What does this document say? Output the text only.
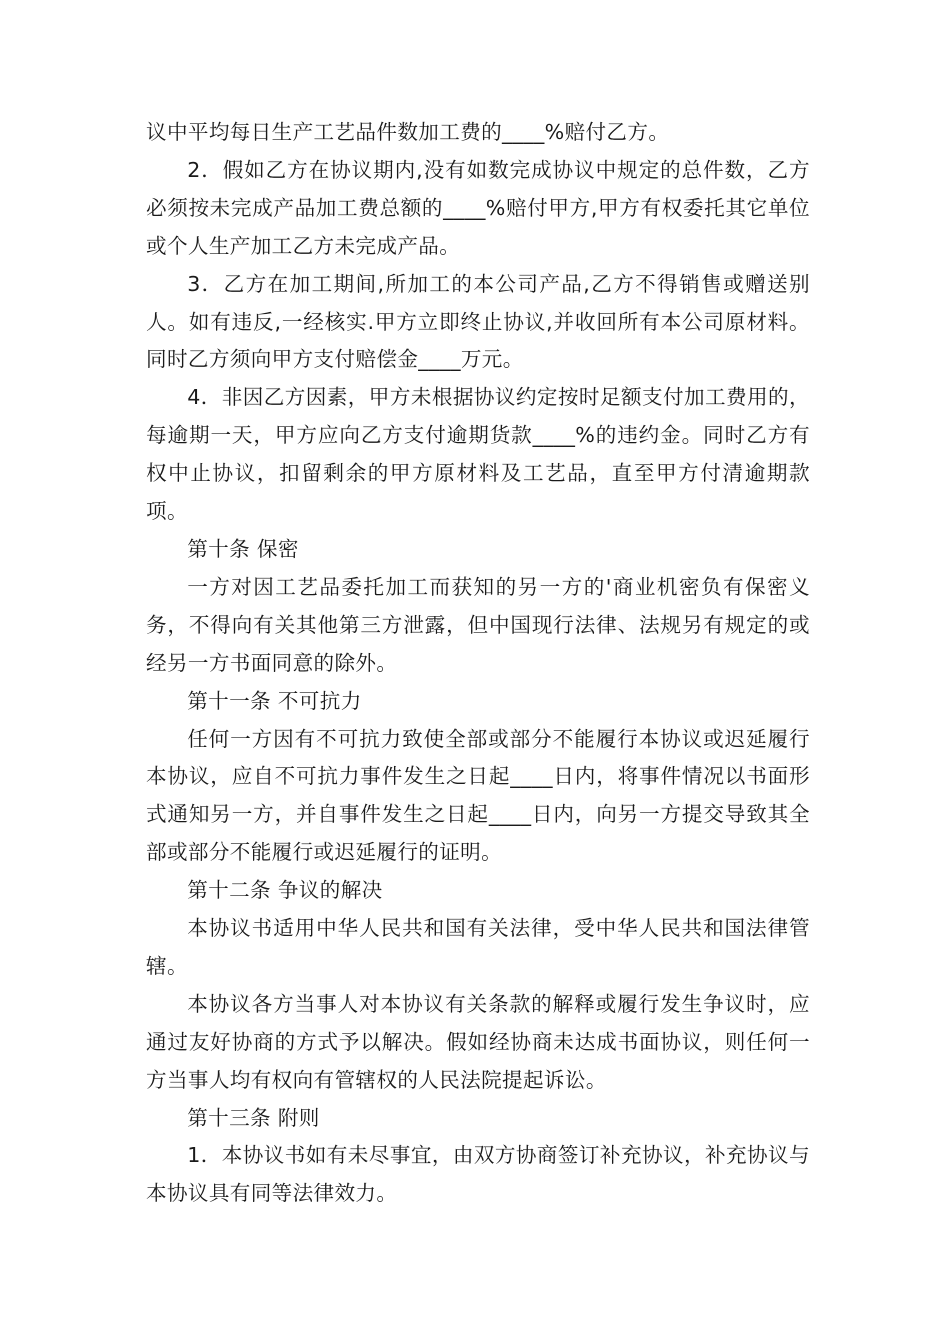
议中平均每日生产工艺品件数加工费的____%赔付乙方。

2．假如乙方在协议期内,没有如数完成协议中规定的总件数，乙方必须按未完成产品加工费总额的____%赔付甲方,甲方有权委托其它单位或个人生产加工乙方未完成产品。

3．乙方在加工期间,所加工的本公司产品,乙方不得销售或赠送别人。如有违反,一经核实.甲方立即终止协议,并收回所有本公司原材料。同时乙方须向甲方支付赔偿金____万元。

4．非因乙方因素，甲方未根据协议约定按时足额支付加工费用的，每逾期一天，甲方应向乙方支付逾期货款____%的违约金。同时乙方有权中止协议，扣留剩余的甲方原材料及工艺品，直至甲方付清逾期款项。

第十条 保密

一方对因工艺品委托加工而获知的另一方的'商业机密负有保密义务，不得向有关其他第三方泄露，但中国现行法律、法规另有规定的或经另一方书面同意的除外。

第十一条 不可抗力

任何一方因有不可抗力致使全部或部分不能履行本协议或迟延履行本协议，应自不可抗力事件发生之日起____日内，将事件情况以书面形式通知另一方，并自事件发生之日起____日内，向另一方提交导致其全部或部分不能履行或迟延履行的证明。

第十二条 争议的解决

本协议书适用中华人民共和国有关法律，受中华人民共和国法律管辖。

本协议各方当事人对本协议有关条款的解释或履行发生争议时，应通过友好协商的方式予以解决。假如经协商未达成书面协议，则任何一方当事人均有权向有管辖权的人民法院提起诉讼。

第十三条 附则

1．本协议书如有未尽事宜，由双方协商签订补充协议，补充协议与本协议具有同等法律效力。
